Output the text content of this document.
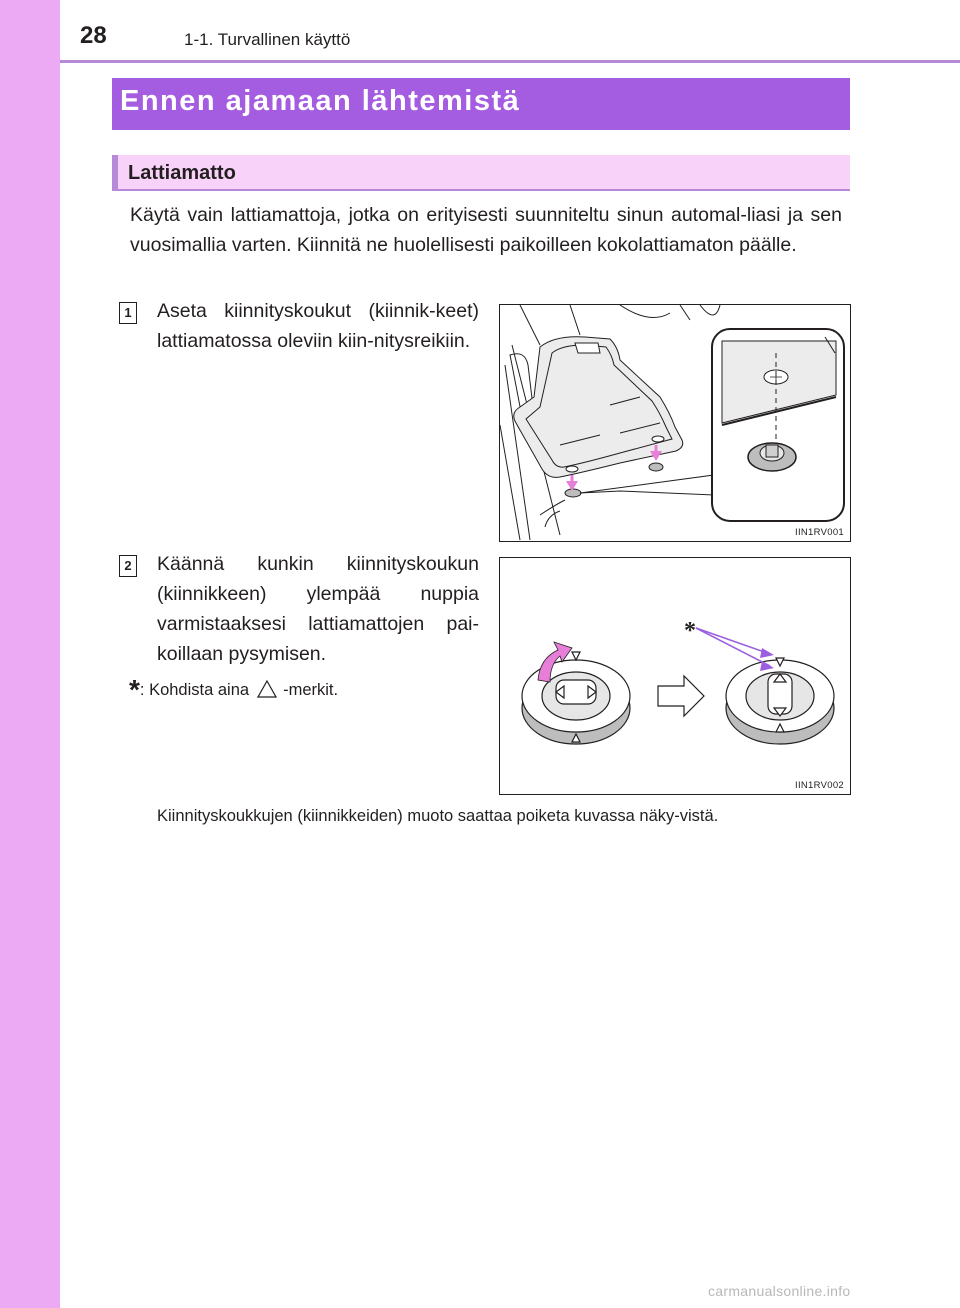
28	1-1. Turvallinen käyttö
Ennen ajamaan lähtemistä
Lattiamatto
Käytä vain lattiamattoja, jotka on erityisesti suunniteltu sinun automal-liasi ja sen vuosimallia varten. Kiinnitä ne huolellisesti paikoilleen kokolattiamaton päälle.
1 Aseta kiinnityskoukut (kiinnik-keet) lattiamatossa oleviin kiin-nitysreikiin.
IIN1RV001
2 Käännä kunkin kiinnityskoukun (kiinnikkeen) ylempää nuppia varmistaaksesi lattiamattojen pai-koillaan pysymisen.
*: Kohdista aina -merkit.
*
IIN1RV002
Kiinnityskoukkujen (kiinnikkeiden) muoto saattaa poiketa kuvassa näky-vistä.
carmanualsonline.info
